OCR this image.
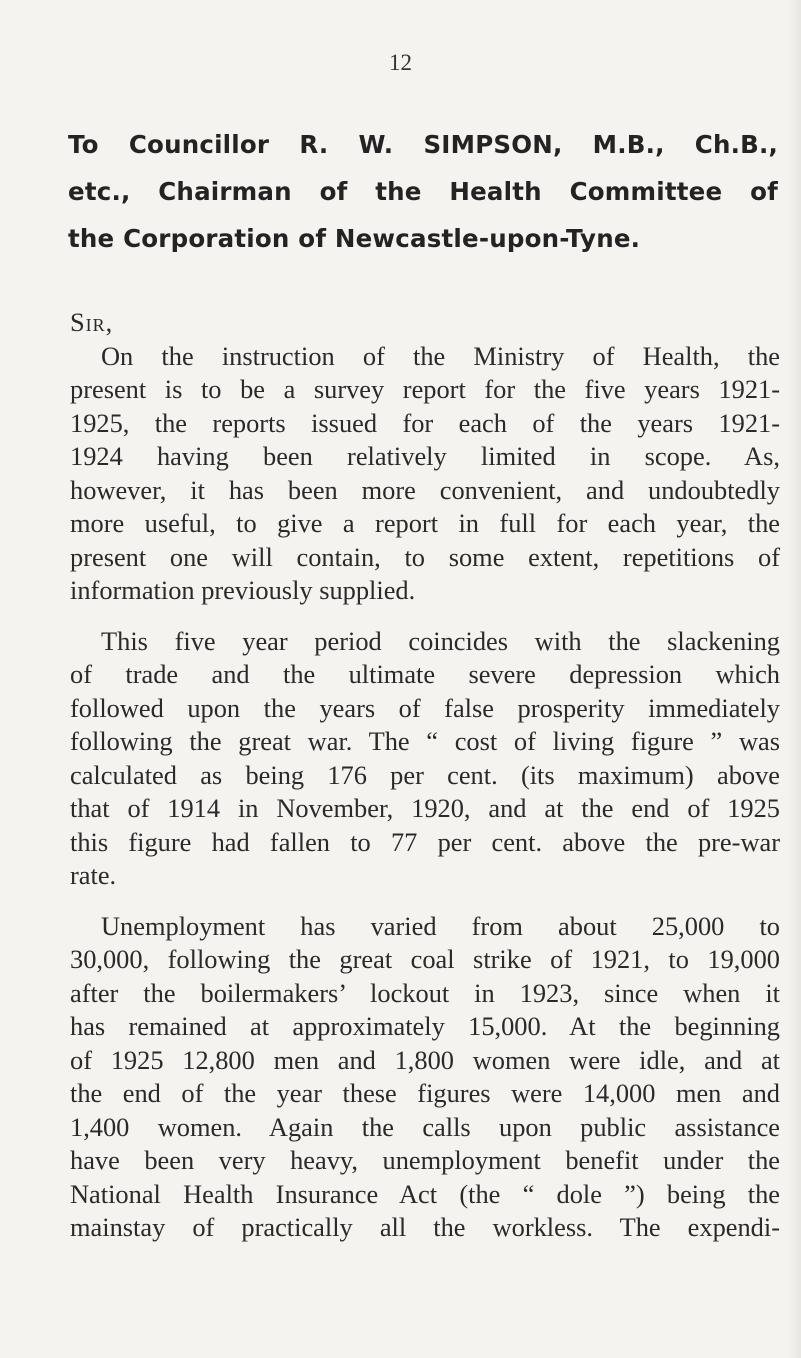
12
To Councillor R. W. SIMPSON, M.B., Ch.B.,
etc., Chairman of the Health Committee of
the Corporation of Newcastle-upon-Tyne.
Sir,
On the instruction of the Ministry of Health, the
present is to be a survey report for the five years 1921-
1925, the reports issued for each of the years 1921-
1924 having been relatively limited in scope. As,
however, it has been more convenient, and undoubtedly
more useful, to give a report in full for each year, the
present one will contain, to some extent, repetitions of
information previously supplied.
This five year period coincides with the slackening
of trade and the ultimate severe depression which
followed upon the years of false prosperity immediately
following the great war. The “ cost of living figure ” was
calculated as being 176 per cent. (its maximum) above
that of 1914 in November, 1920, and at the end of 1925
this figure had fallen to 77 per cent. above the pre-war
rate.
Unemployment has varied from about 25,000 to
30,000, following the great coal strike of 1921, to 19,000
after the boilermakers’ lockout in 1923, since when it
has remained at approximately 15,000. At the beginning
of 1925 12,800 men and 1,800 women were idle, and at
the end of the year these figures were 14,000 men and
1,400 women. Again the calls upon public assistance
have been very heavy, unemployment benefit under the
National Health Insurance Act (the “ dole ”) being the
mainstay of practically all the workless. The expendi-
